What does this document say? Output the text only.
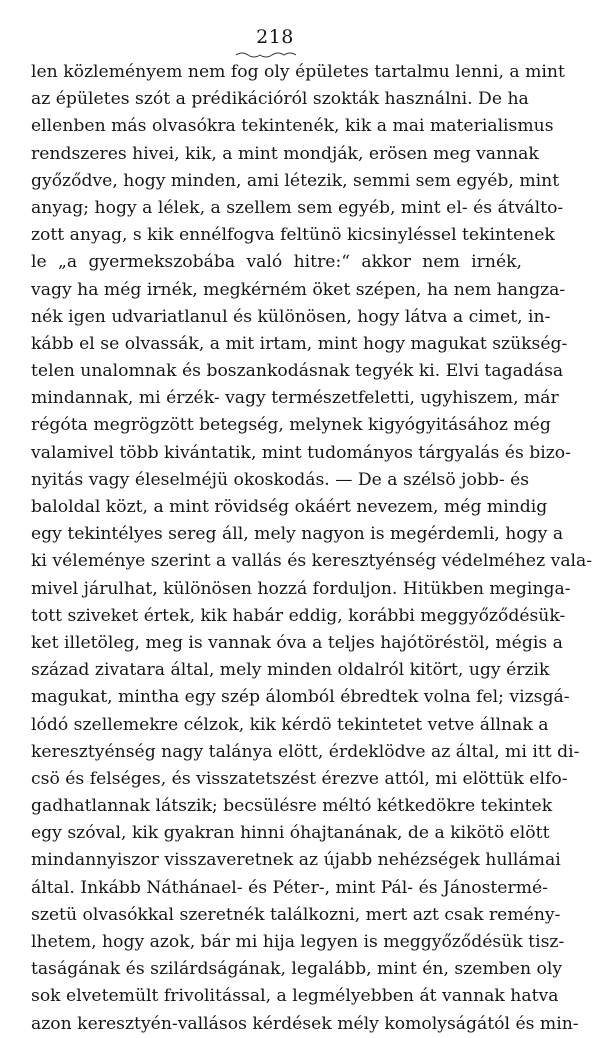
218
len közleményem nem fog oly épületes tartalmu lenni, a mint
az épületes szót a prédikációról szokták használni. De ha
ellenben más olvasókra tekintenék, kik a mai materialismus
rendszeres hivei, kik, a mint mondják, erösen meg vannak
győződve, hogy minden, ami létezik, semmi sem egyéb, mint
anyag; hogy a lélek, a szellem sem egyéb, mint el- és átválto-
zott anyag, s kik ennélfogva feltünö kicsinyléssel tekintenek
le „a gyermekszobába való hitre:“ akkor nem irnék,
vagy ha még irnék, megkérném öket szépen, ha nem hangza-
nék igen udvariatlanul és különösen, hogy látva a cimet, in-
kább el se olvassák, a mit irtam, mint hogy magukat szükség-
telen unalomnak és boszankodásnak tegyék ki. Elvi tagadása
mindannak, mi érzék- vagy természetfeletti, ugyhiszem, már
régóta megrögzött betegség, melynek kigyógyitásához még
valamivel több kivántatik, mint tudományos tárgyalás és bizo-
nyitás vagy éleselméjü okoskodás. — De a szélsö jobb- és
baloldal közt, a mint rövidség okáért nevezem, még mindig
egy tekintélyes sereg áll, mely nagyon is megérdemli, hogy a
ki véleménye szerint a vallás és keresztyénség védelméhez vala-
mivel járulhat, különösen hozzá forduljon. Hitükben meginga-
tott sziveket értek, kik habár eddig, korábbi meggyőződésük-
ket illetöleg, meg is vannak óva a teljes hajótöréstöl, mégis a
század zivatara által, mely minden oldalról kitört, ugy érzik
magukat, mintha egy szép álomból ébredtek volna fel; vizsgá-
lódó szellemekre célzok, kik kérdö tekintetet vetve állnak a
keresztyénség nagy talánya elött, érdeklödve az által, mi itt di-
csö és felséges, és visszatetszést érezve attól, mi elöttük elfo-
gadhatlannak látszik; becsülésre méltó kétkedökre tekintek
egy szóval, kik gyakran hinni óhajtanának, de a kikötö elött
mindannyiszor visszaveretnek az újabb nehézségek hullámai
által. Inkább Náthánael- és Péter-, mint Pál- és Jánostermé-
szetü olvasókkal szeretnék találkozni, mert azt csak remény-
lhetem, hogy azok, bár mi hija legyen is meggyőződésük tisz-
taságának és szilárdságának, legalább, mint én, szemben oly
sok elvetemült frivolitással, a legmélyebben át vannak hatva
azon keresztyén-vallásos kérdések mély komolyságától és min-
